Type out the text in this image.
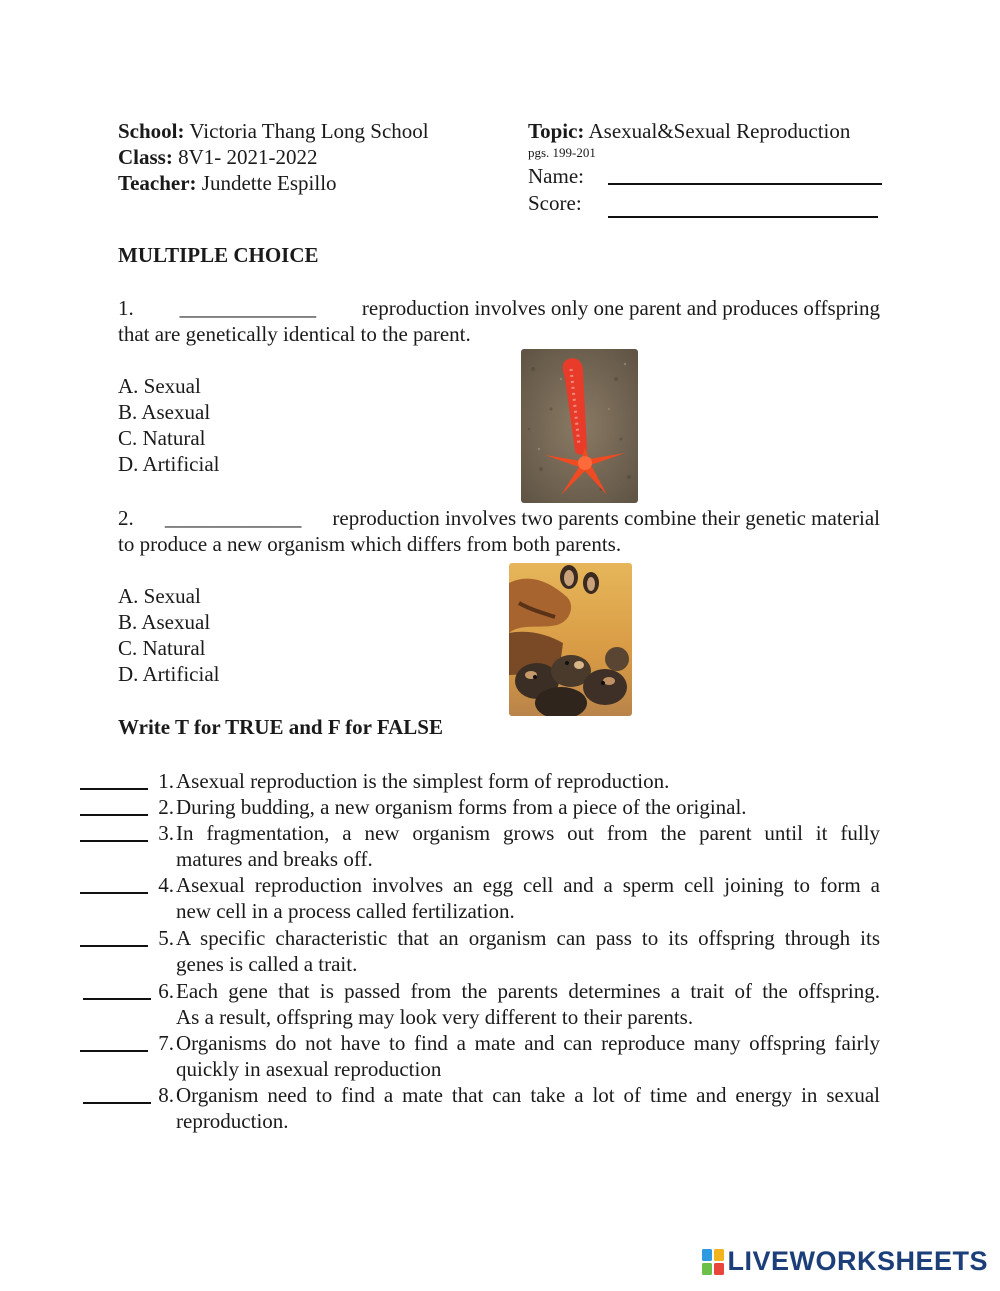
School: Victoria Thang Long School
Class: 8V1- 2021-2022
Teacher: Jundette Espillo
Topic: Asexual&Sexual Reproduction
pgs. 199-201
Name:
Score:
MULTIPLE CHOICE
1. _____________ reproduction involves only one parent and produces offspring
that are genetically identical to the parent.
A. Sexual
B. Asexual
C. Natural
D. Artificial
2. _____________ reproduction involves two parents combine their genetic material
to produce a new organism which differs from both parents.
A. Sexual
B. Asexual
C. Natural
D. Artificial
Write T for TRUE and F for FALSE
1. Asexual reproduction is the simplest form of reproduction.
2. During budding, a new organism forms from a piece of the original.
3. In fragmentation, a new organism grows out from the parent until it fully
matures and breaks off.
4. Asexual reproduction involves an egg cell and a sperm cell joining to form a
new cell in a process called fertilization.
5. A specific characteristic that an organism can pass to its offspring through its
genes is called a trait.
6. Each gene that is passed from the parents determines a trait of the offspring.
As a result, offspring may look very different to their parents.
7. Organisms do not have to find a mate and can reproduce many offspring fairly
quickly in asexual reproduction
8. Organism need to find a mate that can take a lot of time and energy in sexual
reproduction.
LIVEWORKSHEETS
